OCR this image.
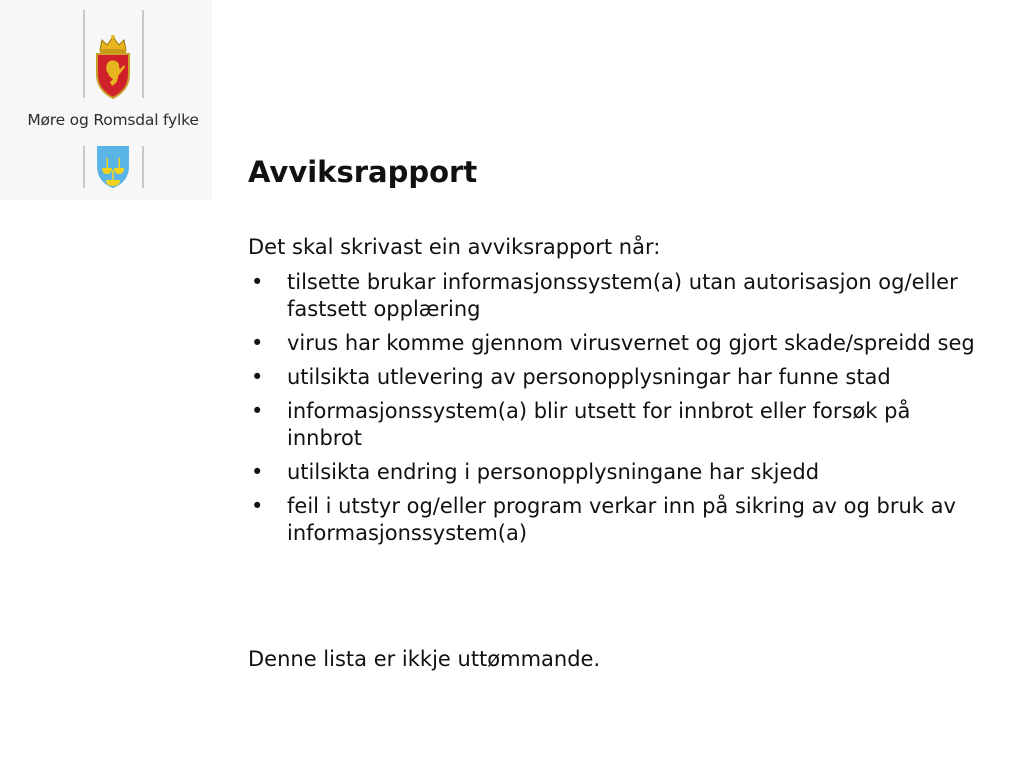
Møre og Romsdal fylke
Avviksrapport

Det skal skrivast ein avviksrapport når:

• tilsette brukar informasjonssystem(a) utan autorisasjon og/eller fastsett opplæring
• virus har komme gjennom virusvernet og gjort skade/spreidd seg
• utilsikta utlevering av personopplysningar har funne stad
• informasjonssystem(a) blir utsett for innbrot eller forsøk på innbrot
• utilsikta endring i personopplysningane har skjedd
• feil i utstyr og/eller program verkar inn på sikring av og bruk av informasjonssystem(a)

Denne lista er ikkje uttømmande.
